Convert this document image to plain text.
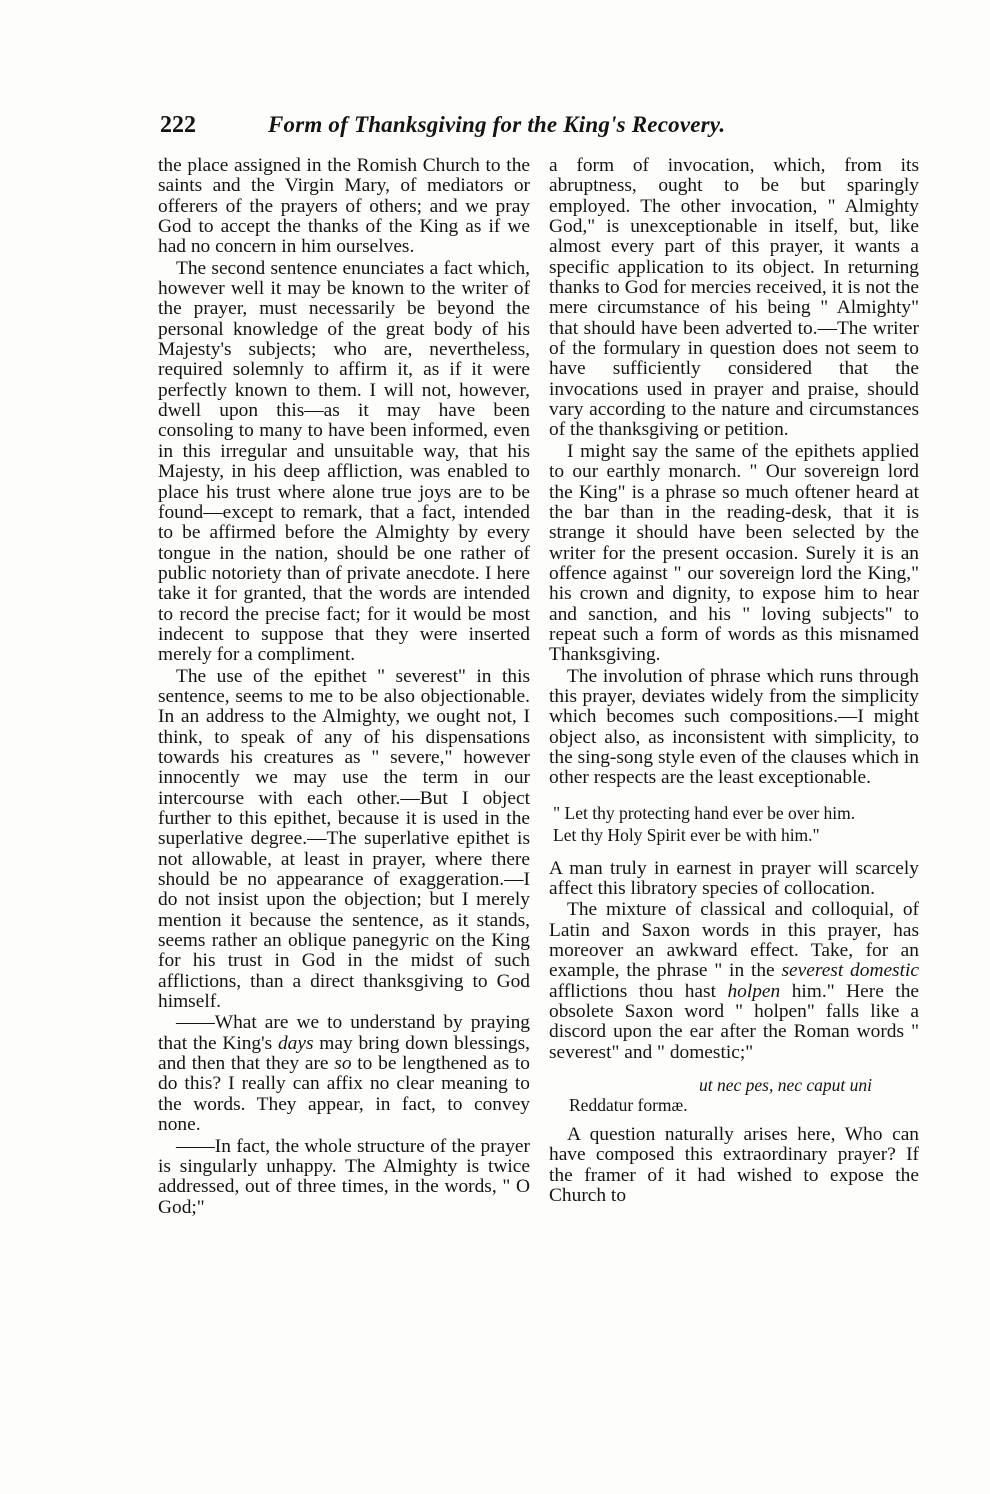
222	Form of Thanksgiving for the King's Recovery.

the place assigned in the Romish Church to the saints and the Virgin Mary, of mediators or offerers of the prayers of others; and we pray God to accept the thanks of the King as if we had no concern in him ourselves.

The second sentence enunciates a fact which, however well it may be known to the writer of the prayer, must necessarily be beyond the personal knowledge of the great body of his Majesty's subjects; who are, nevertheless, required solemnly to affirm it, as if it were perfectly known to them. I will not, however, dwell upon this—as it may have been consoling to many to have been informed, even in this irregular and unsuitable way, that his Majesty, in his deep affliction, was enabled to place his trust where alone true joys are to be found—except to remark, that a fact, intended to be affirmed before the Almighty by every tongue in the nation, should be one rather of public notoriety than of private anecdote. I here take it for granted, that the words are intended to record the precise fact; for it would be most indecent to suppose that they were inserted merely for a compliment.

The use of the epithet " severest" in this sentence, seems to me to be also objectionable. In an address to the Almighty, we ought not, I think, to speak of any of his dispensations towards his creatures as " severe," however innocently we may use the term in our intercourse with each other.—But I object further to this epithet, because it is used in the superlative degree.—The superlative epithet is not allowable, at least in prayer, where there should be no appearance of exaggeration.—I do not insist upon the objection; but I merely mention it because the sentence, as it stands, seems rather an oblique panegyric on the King for his trust in God in the midst of such afflictions, than a direct thanksgiving to God himself.

——What are we to understand by praying that the King's days may bring down blessings, and then that they are so to be lengthened as to do this? I really can affix no clear meaning to the words. They appear, in fact, to convey none.

——In fact, the whole structure of the prayer is singularly unhappy. The Almighty is twice addressed, out of three times, in the words, " O God;"

a form of invocation, which, from its abruptness, ought to be but sparingly employed. The other invocation, " Almighty God," is unexceptionable in itself, but, like almost every part of this prayer, it wants a specific application to its object. In returning thanks to God for mercies received, it is not the mere circumstance of his being " Almighty" that should have been adverted to.—The writer of the formulary in question does not seem to have sufficiently considered that the invocations used in prayer and praise, should vary according to the nature and circumstances of the thanksgiving or petition.

I might say the same of the epithets applied to our earthly monarch. " Our sovereign lord the King" is a phrase so much oftener heard at the bar than in the reading-desk, that it is strange it should have been selected by the writer for the present occasion. Surely it is an offence against " our sovereign lord the King," his crown and dignity, to expose him to hear and sanction, and his " loving subjects" to repeat such a form of words as this misnamed Thanksgiving.

The involution of phrase which runs through this prayer, deviates widely from the simplicity which becomes such compositions.—I might object also, as inconsistent with simplicity, to the sing-song style even of the clauses which in other respects are the least exceptionable.

" Let thy protecting hand ever be over him.

Let thy Holy Spirit ever be with him."

A man truly in earnest in prayer will scarcely affect this libratory species of collocation.

The mixture of classical and colloquial, of Latin and Saxon words in this prayer, has moreover an awkward effect. Take, for an example, the phrase " in the severest domestic afflictions thou hast holpen him." Here the obsolete Saxon word " holpen" falls like a discord upon the ear after the Roman words " severest" and " domestic;"

ut nec pes, nec caput uni
Reddatur formæ.

A question naturally arises here, Who can have composed this extraordinary prayer? If the framer of it had wished to expose the Church to
